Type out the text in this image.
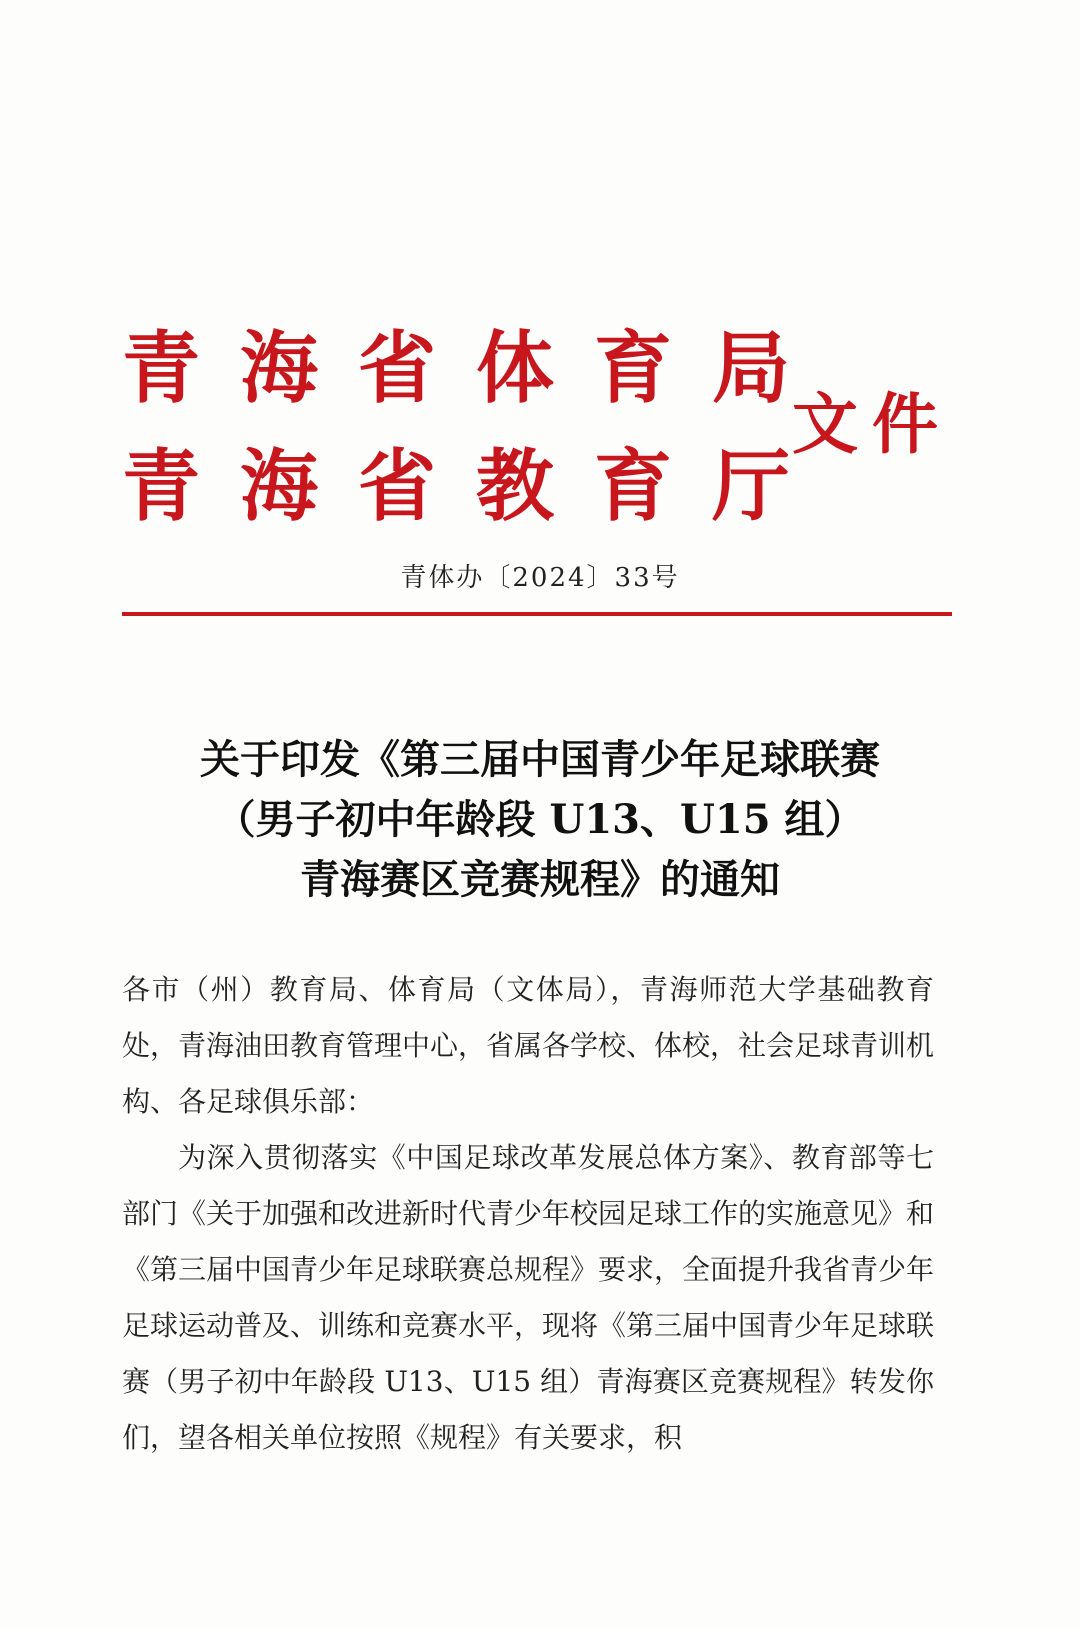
青海省体育局
青海省教育厅
文件
青体办〔2024〕33号
关于印发《第三届中国青少年足球联赛
（男子初中年龄段 U13、U15 组）
青海赛区竞赛规程》的通知

各市（州）教育局、体育局（文体局），青海师范大学基础教育处，青海油田教育管理中心，省属各学校、体校，社会足球青训机构、各足球俱乐部：

为深入贯彻落实《中国足球改革发展总体方案》、教育部等七部门《关于加强和改进新时代青少年校园足球工作的实施意见》和《第三届中国青少年足球联赛总规程》要求，全面提升我省青少年足球运动普及、训练和竞赛水平，现将《第三届中国青少年足球联赛（男子初中年龄段 U13、U15 组）青海赛区竞赛规程》转发你们，望各相关单位按照《规程》有关要求，积
